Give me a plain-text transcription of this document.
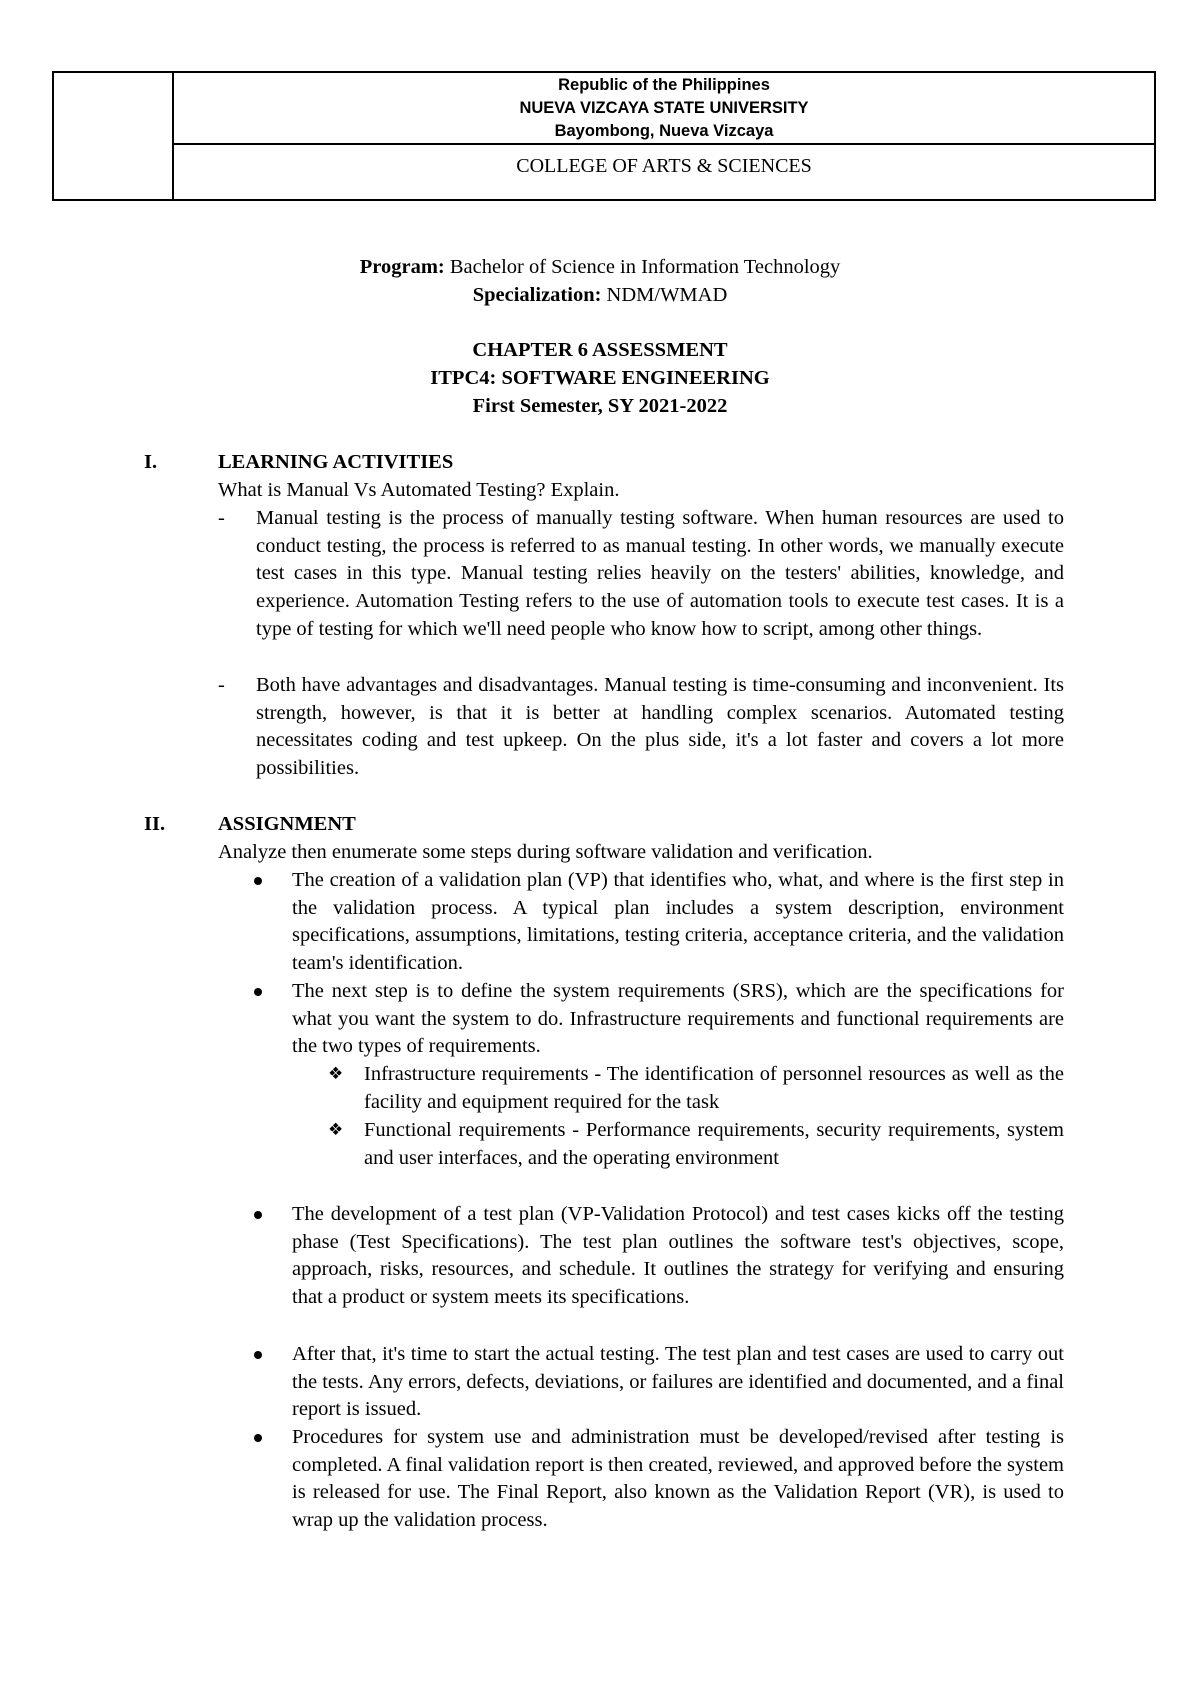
Republic of the Philippines
NUEVA VIZCAYA STATE UNIVERSITY
Bayombong, Nueva Vizcaya
COLLEGE OF ARTS & SCIENCES
Program: Bachelor of Science in Information Technology
Specialization: NDM/WMAD
CHAPTER 6 ASSESSMENT
ITPC4: SOFTWARE ENGINEERING
First Semester, SY 2021-2022
I.	LEARNING ACTIVITIES
What is Manual Vs Automated Testing? Explain.
- Manual testing is the process of manually testing software. When human resources are used to conduct testing, the process is referred to as manual testing. In other words, we manually execute test cases in this type. Manual testing relies heavily on the testers' abilities, knowledge, and experience. Automation Testing refers to the use of automation tools to execute test cases. It is a type of testing for which we'll need people who know how to script, among other things.
- Both have advantages and disadvantages. Manual testing is time-consuming and inconvenient. Its strength, however, is that it is better at handling complex scenarios. Automated testing necessitates coding and test upkeep. On the plus side, it's a lot faster and covers a lot more possibilities.
II.	ASSIGNMENT
Analyze then enumerate some steps during software validation and verification.
The creation of a validation plan (VP) that identifies who, what, and where is the first step in the validation process. A typical plan includes a system description, environment specifications, assumptions, limitations, testing criteria, acceptance criteria, and the validation team's identification.
The next step is to define the system requirements (SRS), which are the specifications for what you want the system to do. Infrastructure requirements and functional requirements are the two types of requirements.
❖ Infrastructure requirements - The identification of personnel resources as well as the facility and equipment required for the task
❖ Functional requirements - Performance requirements, security requirements, system and user interfaces, and the operating environment
The development of a test plan (VP-Validation Protocol) and test cases kicks off the testing phase (Test Specifications). The test plan outlines the software test's objectives, scope, approach, risks, resources, and schedule. It outlines the strategy for verifying and ensuring that a product or system meets its specifications.
After that, it's time to start the actual testing. The test plan and test cases are used to carry out the tests. Any errors, defects, deviations, or failures are identified and documented, and a final report is issued.
Procedures for system use and administration must be developed/revised after testing is completed. A final validation report is then created, reviewed, and approved before the system is released for use. The Final Report, also known as the Validation Report (VR), is used to wrap up the validation process.
